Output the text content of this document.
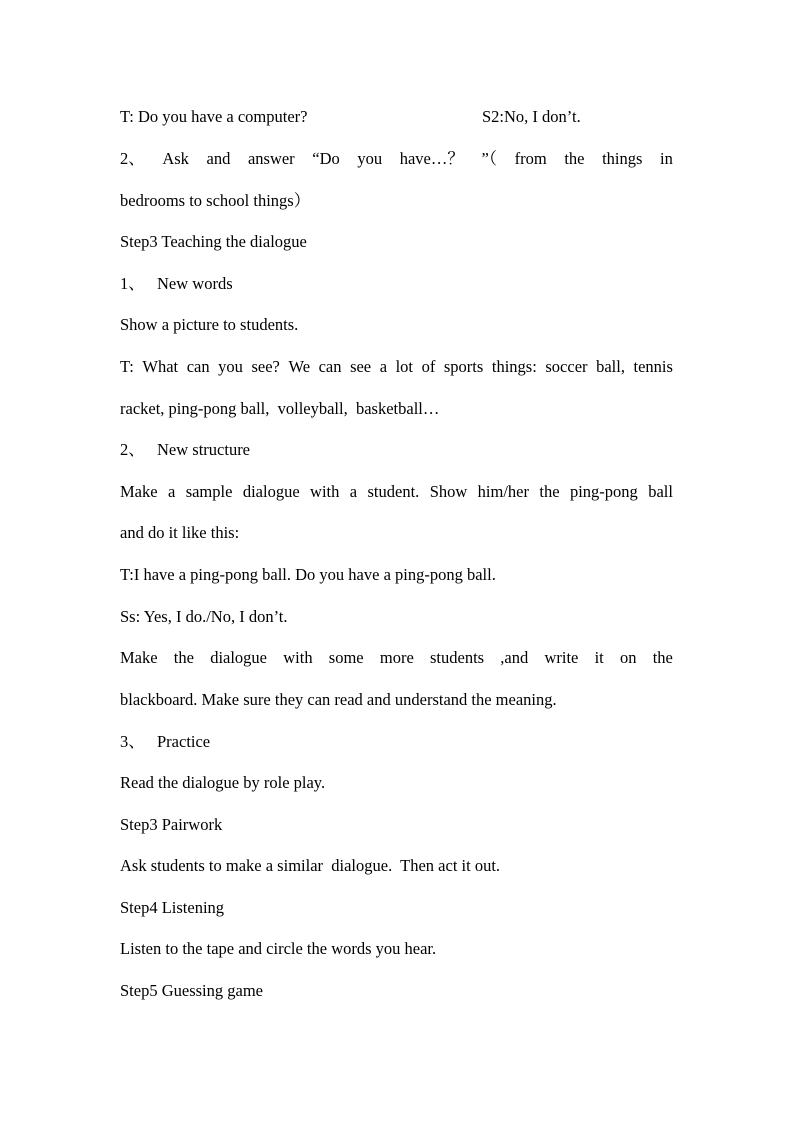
T: Do you have a computer?	S2:No, I don’t.
2、 Ask and answer “Do you have…？ ”（ from the things in
bedrooms to school things）
Step3 Teaching the dialogue
1、 New words
Show a picture to students.
T: What can you see? We can see a lot of sports things: soccer ball, tennis
racket, ping-pong ball,  volleyball,  basketball…
2、 New structure
Make a sample dialogue with a student. Show him/her the ping-pong ball
and do it like this:
T:I have a ping-pong ball. Do you have a ping-pong ball.
Ss: Yes, I do./No, I don’t.
Make the dialogue with some more students ,and write it on the
blackboard. Make sure they can read and understand the meaning.
3、 Practice
Read the dialogue by role play.
Step3 Pairwork
Ask students to make a similar  dialogue.  Then act it out.
Step4 Listening
Listen to the tape and circle the words you hear.
Step5 Guessing game
